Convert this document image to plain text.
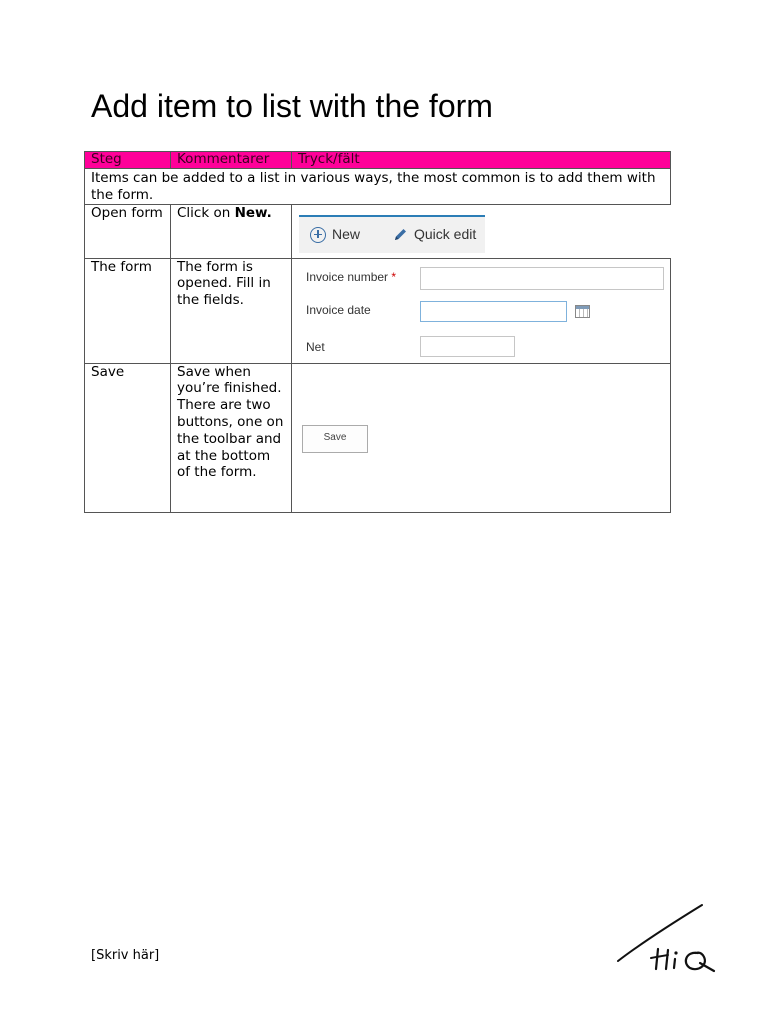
Add item to list with the form
Steg	Kommentarer	Tryck/fält
Items can be added to a list in various ways, the most common is to add them with the form.		
Open form	Click on New.	New Quick edit

The form	The form is opened. Fill in the fields.	Invoice number *
Invoice date
Net

Save	Save when you’re finished. There are two buttons, one on the toolbar and at the bottom of the form.	Save
[Skriv här]
